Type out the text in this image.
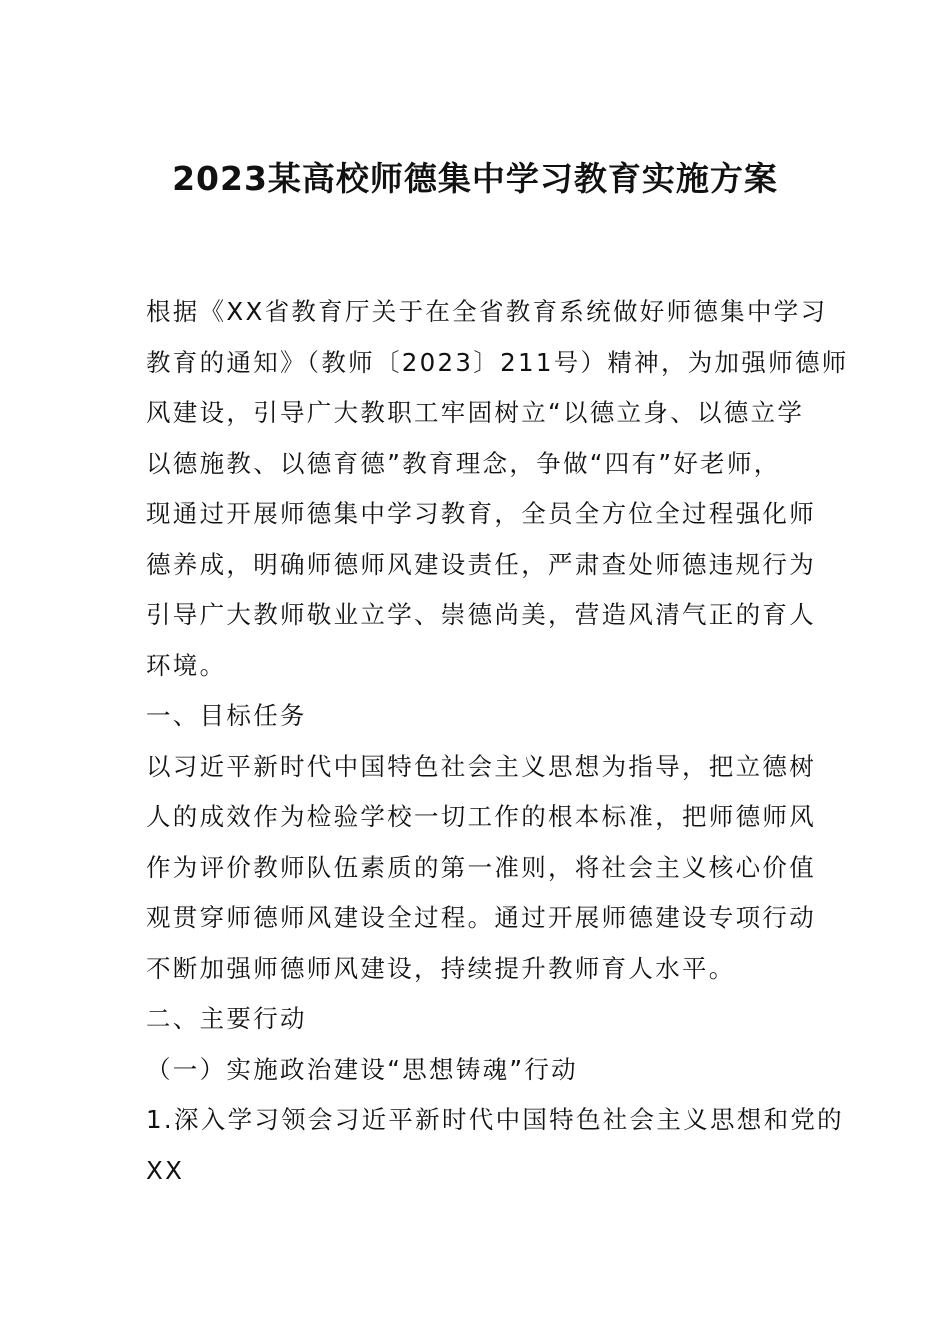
2023某高校师德集中学习教育实施方案

根据《XX省教育厅关于在全省教育系统做好师德集中学习

教育的通知》（教师〔2023〕211号）精神，为加强师德师

风建设，引导广大教职工牢固树立“以德立身、以德立学

以德施教、以德育德”教育理念，争做“四有”好老师，

现通过开展师德集中学习教育，全员全方位全过程强化师

德养成，明确师德师风建设责任，严肃查处师德违规行为

引导广大教师敬业立学、崇德尚美，营造风清气正的育人

环境。

一、目标任务

以习近平新时代中国特色社会主义思想为指导，把立德树

人的成效作为检验学校一切工作的根本标准，把师德师风

作为评价教师队伍素质的第一准则，将社会主义核心价值

观贯穿师德师风建设全过程。通过开展师德建设专项行动

不断加强师德师风建设，持续提升教师育人水平。

二、主要行动

（一）实施政治建设“思想铸魂”行动

1.深入学习领会习近平新时代中国特色社会主义思想和党的

XX
